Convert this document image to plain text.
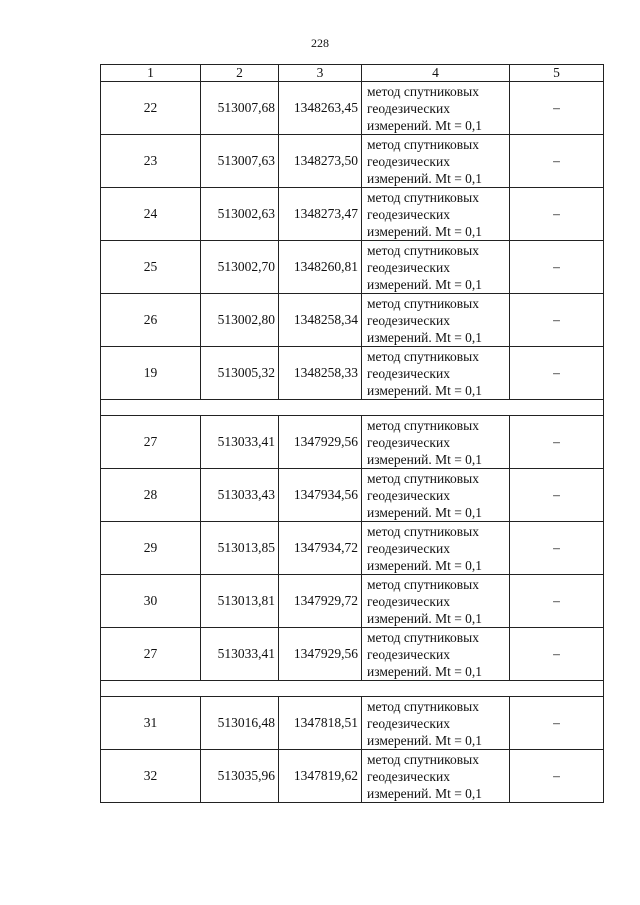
228
1	2	3	4	5
22	513007,68	1348263,45	метод спутниковых
геодезических
измерений. Mt = 0,1	–
23	513007,63	1348273,50	метод спутниковых
геодезических
измерений. Mt = 0,1	–
24	513002,63	1348273,47	метод спутниковых
геодезических
измерений. Mt = 0,1	–
25	513002,70	1348260,81	метод спутниковых
геодезических
измерений. Mt = 0,1	–
26	513002,80	1348258,34	метод спутниковых
геодезических
измерений. Mt = 0,1	–
19	513005,32	1348258,33	метод спутниковых
геодезических
измерений. Mt = 0,1	–

27	513033,41	1347929,56	метод спутниковых
геодезических
измерений. Mt = 0,1	–
28	513033,43	1347934,56	метод спутниковых
геодезических
измерений. Mt = 0,1	–
29	513013,85	1347934,72	метод спутниковых
геодезических
измерений. Mt = 0,1	–
30	513013,81	1347929,72	метод спутниковых
геодезических
измерений. Mt = 0,1	–
27	513033,41	1347929,56	метод спутниковых
геодезических
измерений. Mt = 0,1	–

31	513016,48	1347818,51	метод спутниковых
геодезических
измерений. Mt = 0,1	–
32	513035,96	1347819,62	метод спутниковых
геодезических
измерений. Mt = 0,1	–
